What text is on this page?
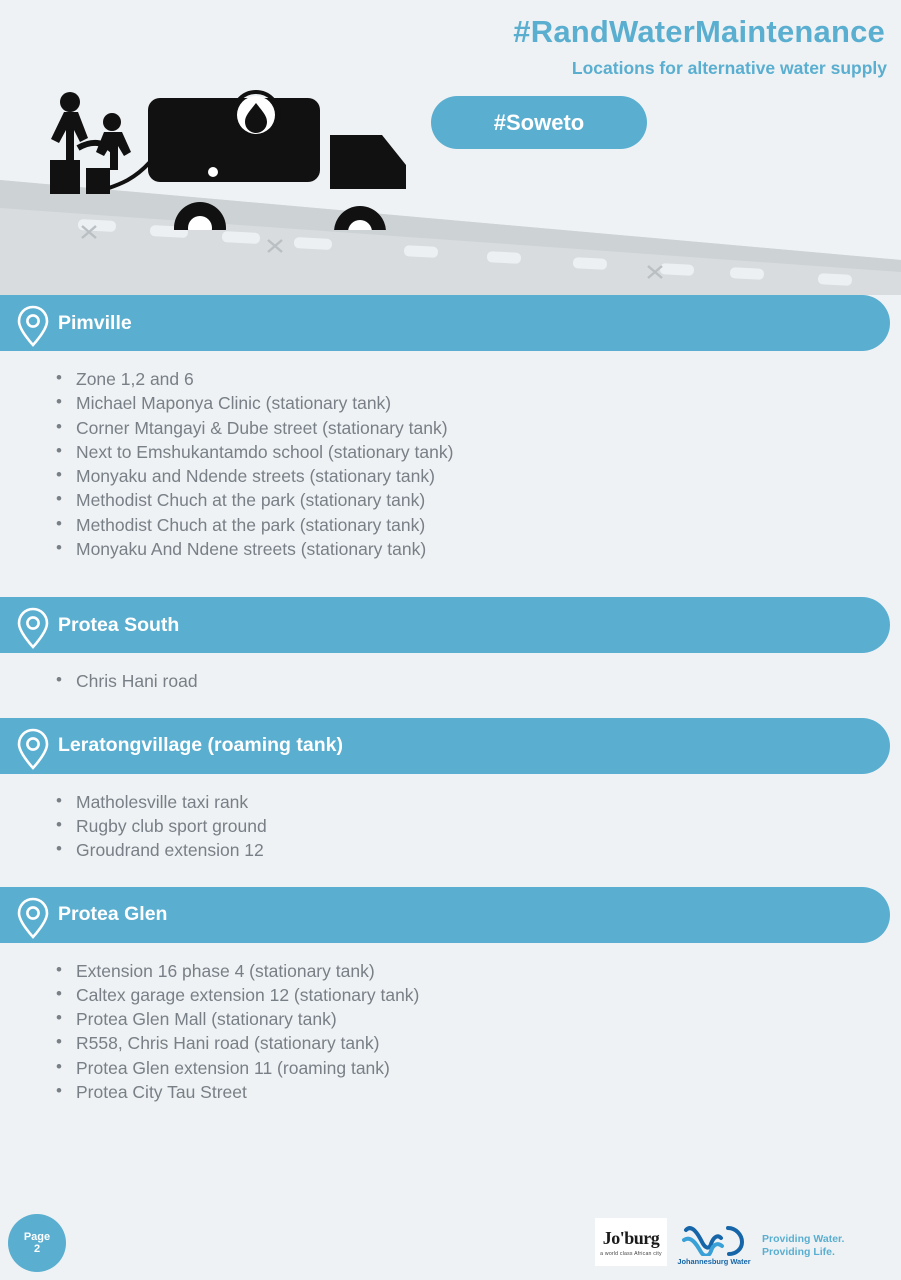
#RandWaterMaintenance
Locations for alternative water supply
#Soweto
Pimville
• Zone 1,2 and 6
• Michael Maponya Clinic (stationary tank)
• Corner Mtangayi & Dube street (stationary tank)
• Next to Emshukantamdo school (stationary tank)
• Monyaku and Ndende streets (stationary tank)
• Methodist Chuch at the park (stationary tank)
• Methodist Chuch at the park (stationary tank)
• Monyaku And Ndene streets (stationary tank)
Protea South
• Chris Hani road
Leratongvillage (roaming tank)
• Matholesville taxi rank
• Rugby club sport ground
• Groudrand extension 12
Protea Glen
• Extension 16 phase 4 (stationary tank)
• Caltex garage extension 12 (stationary tank)
• Protea Glen Mall (stationary tank)
• R558, Chris Hani road (stationary tank)
• Protea Glen extension 11 (roaming tank)
• Protea City Tau Street
Page
2
Jo'burg
a world class African city
Johannesburg Water
Providing Water.
Providing Life.
